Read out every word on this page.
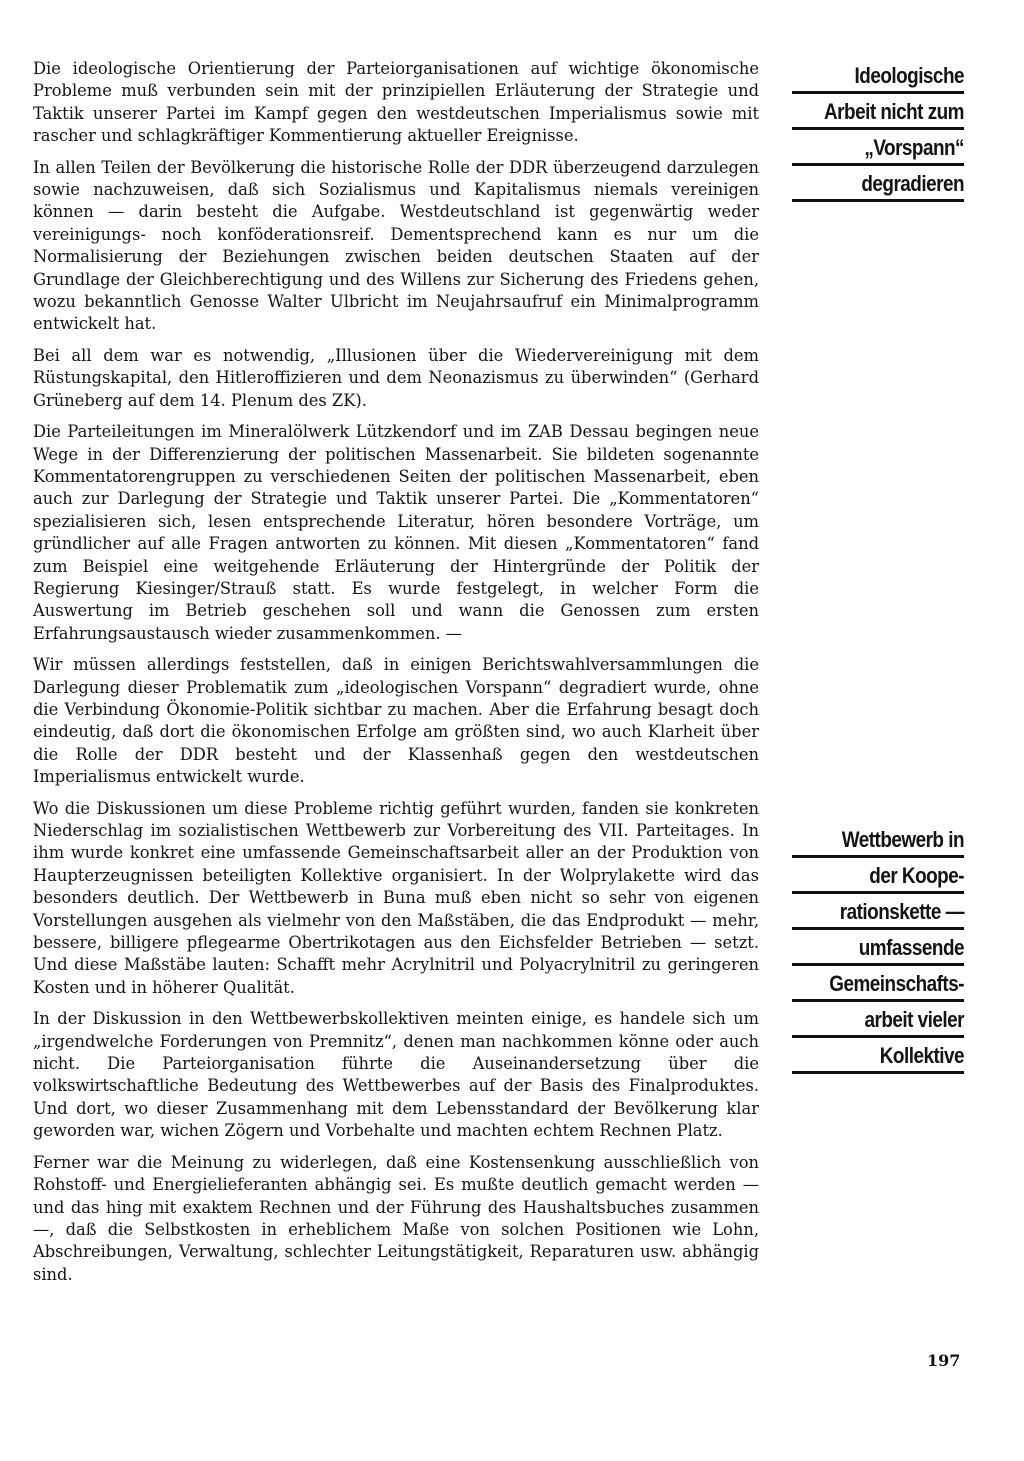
Die ideologische Orientierung der Parteiorganisationen auf wichtige ökonomische Probleme muß verbunden sein mit der prinzipiellen Erläuterung der Strategie und Taktik unserer Partei im Kampf gegen den westdeutschen Imperialismus sowie mit rascher und schlagkräftiger Kommentierung aktueller Ereignisse.

In allen Teilen der Bevölkerung die historische Rolle der DDR überzeugend darzulegen sowie nachzuweisen, daß sich Sozialismus und Kapitalismus niemals vereinigen können — darin besteht die Aufgabe. Westdeutschland ist gegenwärtig weder vereinigungs- noch konföderationsreif. Dementsprechend kann es nur um die Normalisierung der Beziehungen zwischen beiden deutschen Staaten auf der Grundlage der Gleichberechtigung und des Willens zur Sicherung des Friedens gehen, wozu bekanntlich Genosse Walter Ulbricht im Neujahrsaufruf ein Minimalprogramm entwickelt hat.

Bei all dem war es notwendig, „Illusionen über die Wiedervereinigung mit dem Rüstungskapital, den Hitleroffizieren und dem Neonazismus zu überwinden“ (Gerhard Grüneberg auf dem 14. Plenum des ZK).

Die Parteileitungen im Mineralölwerk Lützkendorf und im ZAB Dessau begingen neue Wege in der Differenzierung der politischen Massenarbeit. Sie bildeten sogenannte Kommentatorengruppen zu verschiedenen Seiten der politischen Massenarbeit, eben auch zur Darlegung der Strategie und Taktik unserer Partei. Die „Kommentatoren“ spezialisieren sich, lesen entsprechende Literatur, hören besondere Vorträge, um gründlicher auf alle Fragen antworten zu können. Mit diesen „Kommentatoren“ fand zum Beispiel eine weitgehende Erläuterung der Hintergründe der Politik der Regierung Kiesinger/Strauß statt. Es wurde festgelegt, in welcher Form die Auswertung im Betrieb geschehen soll und wann die Genossen zum ersten Erfahrungsaustausch wieder zusammenkommen. —

Wir müssen allerdings feststellen, daß in einigen Berichtswahlversammlungen die Darlegung dieser Problematik zum „ideologischen Vorspann“ degradiert wurde, ohne die Verbindung Ökonomie-Politik sichtbar zu machen. Aber die Erfahrung besagt doch eindeutig, daß dort die ökonomischen Erfolge am größten sind, wo auch Klarheit über die Rolle der DDR besteht und der Klassenhaß gegen den westdeutschen Imperialismus entwickelt wurde.

Wo die Diskussionen um diese Probleme richtig geführt wurden, fanden sie konkreten Niederschlag im sozialistischen Wettbewerb zur Vorbereitung des VII. Parteitages. In ihm wurde konkret eine umfassende Gemeinschaftsarbeit aller an der Produktion von Haupterzeugnissen beteiligten Kollektive organisiert. In der Wolprylakette wird das besonders deutlich. Der Wettbewerb in Buna muß eben nicht so sehr von eigenen Vorstellungen ausgehen als vielmehr von den Maßstäben, die das Endprodukt — mehr, bessere, billigere pflegearme Obertrikotagen aus den Eichsfelder Betrieben — setzt. Und diese Maßstäbe lauten: Schafft mehr Acrylnitril und Polyacrylnitril zu geringeren Kosten und in höherer Qualität.

In der Diskussion in den Wettbewerbskollektiven meinten einige, es handele sich um „irgendwelche Forderungen von Premnitz“, denen man nachkommen könne oder auch nicht. Die Parteiorganisation führte die Auseinandersetzung über die volkswirtschaftliche Bedeutung des Wettbewerbes auf der Basis des Finalproduktes. Und dort, wo dieser Zusammenhang mit dem Lebensstandard der Bevölkerung klar geworden war, wichen Zögern und Vorbehalte und machten echtem Rechnen Platz.

Ferner war die Meinung zu widerlegen, daß eine Kostensenkung ausschließlich von Rohstoff- und Energielieferanten abhängig sei. Es mußte deutlich gemacht werden — und das hing mit exaktem Rechnen und der Führung des Haushaltsbuches zusammen —, daß die Selbstkosten in erheblichem Maße von solchen Positionen wie Lohn, Abschreibungen, Verwaltung, schlechter Leitungstätigkeit, Reparaturen usw. abhängig sind.

Ideologische
Arbeit nicht zum
„Vorspann“
degradieren
Wettbewerb in
der Koope-
rationskette —
umfassende
Gemeinschafts-
arbeit vieler
Kollektive
197
